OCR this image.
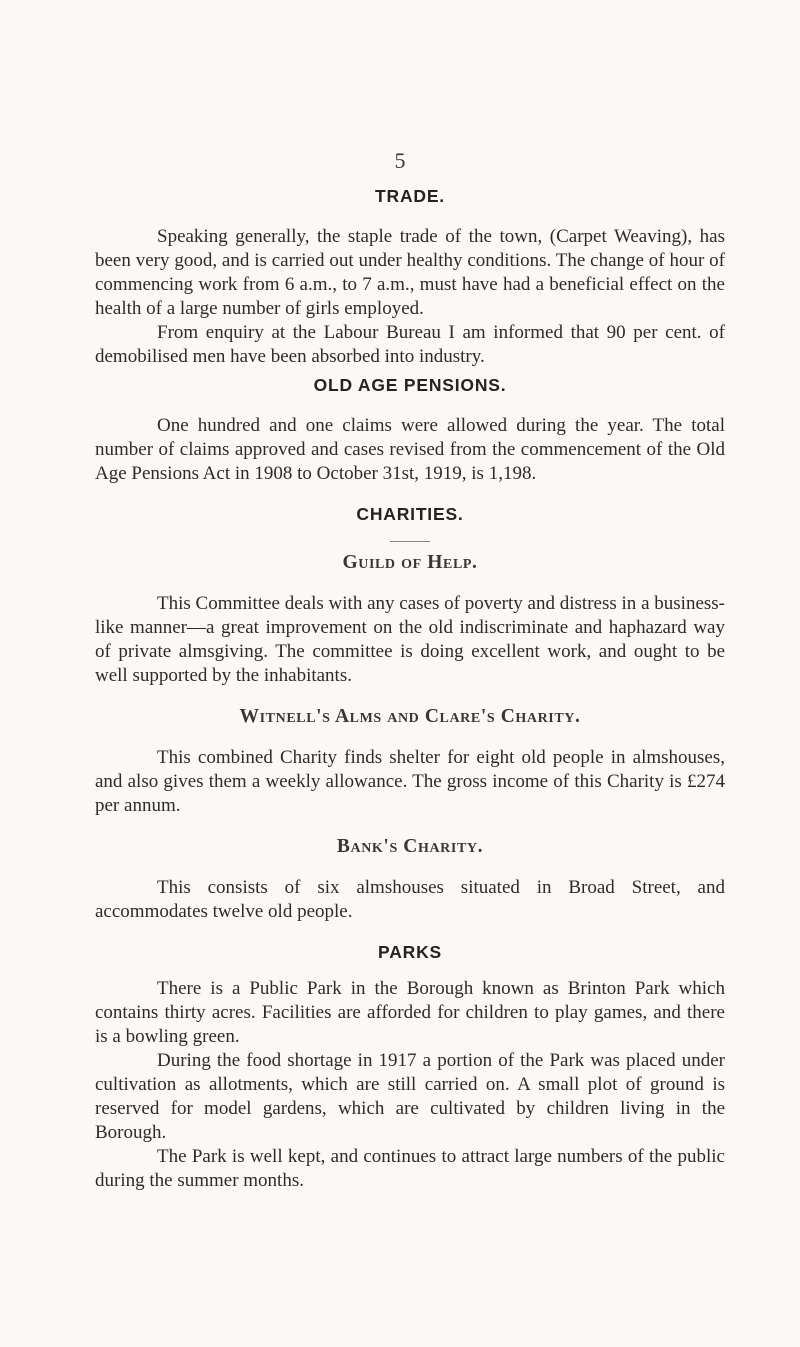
5
TRADE.

Speaking generally, the staple trade of the town, (Carpet Weaving), has been very good, and is carried out under healthy conditions. The change of hour of commencing work from 6 a.m., to 7 a.m., must have had a beneficial effect on the health of a large number of girls employed.

From enquiry at the Labour Bureau I am informed that 90 per cent. of demobilised men have been absorbed into industry.

OLD AGE PENSIONS.

One hundred and one claims were allowed during the year. The total number of claims approved and cases revised from the commencement of the Old Age Pensions Act in 1908 to October 31st, 1919, is 1,198.

CHARITIES.
Guild of Help.

This Committee deals with any cases of poverty and distress in a business-like manner—a great improvement on the old indiscriminate and haphazard way of private almsgiving. The committee is doing excellent work, and ought to be well supported by the inhabitants.

Witnell's Alms and Clare's Charity.

This combined Charity finds shelter for eight old people in almshouses, and also gives them a weekly allowance. The gross income of this Charity is £274 per annum.

Bank's Charity.

This consists of six almshouses situated in Broad Street, and accommodates twelve old people.

PARKS

There is a Public Park in the Borough known as Brinton Park which contains thirty acres. Facilities are afforded for children to play games, and there is a bowling green.

During the food shortage in 1917 a portion of the Park was placed under cultivation as allotments, which are still carried on. A small plot of ground is reserved for model gardens, which are cultivated by children living in the Borough.

The Park is well kept, and continues to attract large numbers of the public during the summer months.
